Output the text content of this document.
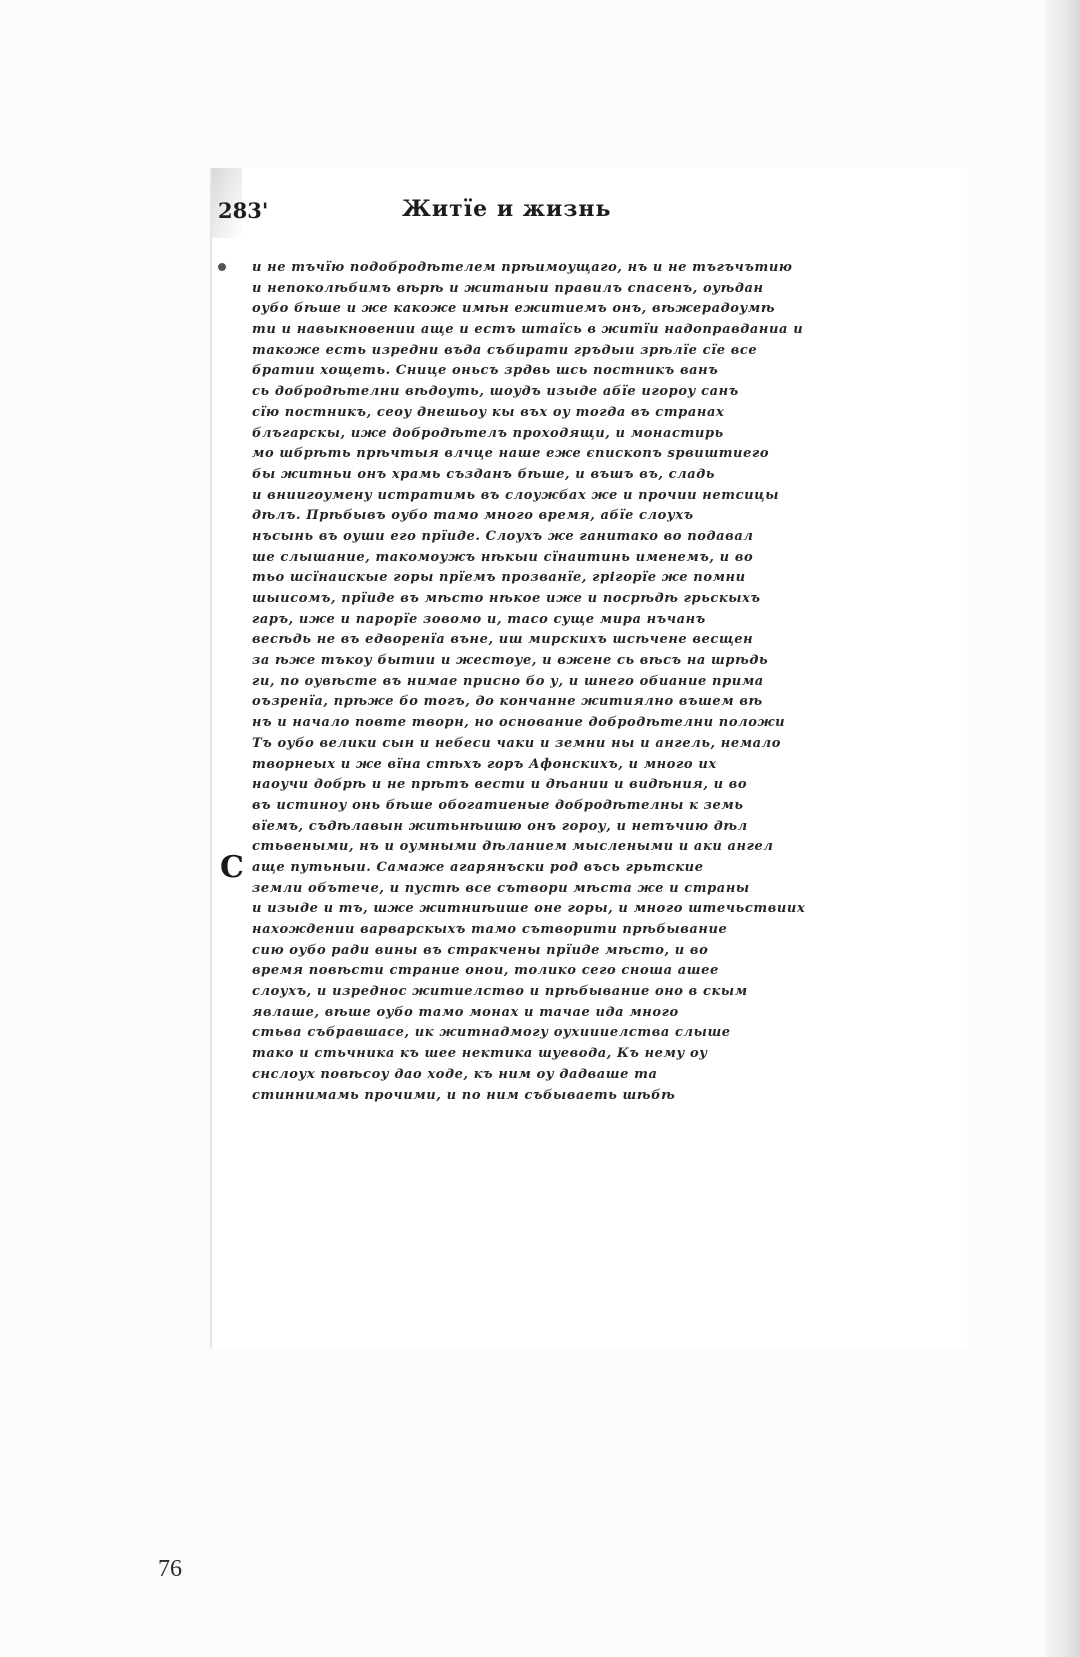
283'	Житїе и жизнь
С
и не тъчїю подобродѣтелем прѣимоущаго, нъ и не тъгъчътию
и непоколѣбимъ вѣрѣ и житаныи правилъ спасенъ, оуѣдан
оубо бѣше и же какоже имѣн ежитиемъ онъ, вѣжерадоумѣ
ти и навыкновении аще и естъ штаїсь в житїи надоправданиа и
такоже есть изредни въда събирати гръдыи зрѣлїе сїе все
братии хощеть. Снице оньсъ зрдвь шсь постникъ ванъ
сь добродѣтелни вѣдоуть, шоудъ изыде абїе игороу санъ
сїю постникъ, сеоу днешьоу кы въх оу тогда въ странах
блъгарскы, иже добродѣтелъ проходящи, и монастирь
мо шбрѣть прѣчтыя влчце наше еже єпископъ ѕрвиштиего
бы житньи онъ храмь създанъ бѣше, и въшъ въ, сладь
и вниигоумену истратимь въ слоужбах же и прочии нетсицы
дѣлъ. Прѣбывъ оубо тамо много время, абїе слоухъ
нъсынь въ оуши его прїиде. Слоухъ же ганитако во подавал
ше слышание, такомоужъ нѣкыи сїнаитинь именемъ, и во
тьо шсїнаискые горы прїемъ прозванїе, грігорїе же помни
шыисомъ, прїиде въ мѣсто нѣкое иже и посрѣдѣ грьскыхъ
гаръ, иже и парорїе зовомо и, тасо суще мира нъчанъ
весѣдь не въ едворенїа въне, иш мирскихъ шсѣчене весщен
за ѣже тъкоу бытии и жестоуе, и вжене сь вѣсъ на шрѣдь
ги, по оувѣсте въ нимае присно бо у, и шнего обиание прима
оъзренїа, прѣже бо тогъ, до кончанне житиялно въшем вѣ
нъ и начало повте творн, но основание добродѣтелни положи
Тъ оубо велики сын и небеси чаки и земни ны и ангель, немало
творнеых и же вїна стѣхъ горъ Афонскихъ, и много их
наоучи добрѣ и не прѣтъ вести и дѣании и видѣния, и во
въ истиноу онь бѣше обогатиеные добродѣтелны к земь
вїемъ, съдѣлавын житьнѣишю онъ гороу, и нетъчию дѣл
стьвеными, нъ и оумными дѣланием мыслеными и аки ангел
аще путьныи. Самаже агарянъски род въсь грьтские
земли обътече, и пустѣ все сътвори мѣста же и страны
и изыде и тъ, шже житниѣише оне горы, и много штечьствиих
нахождении варварскыхъ тамо сътворити прѣбывание
сию оубо ради вины въ стракчены прїиде мѣсто, и во
время повѣсти страние онои, толико сего сноша ашее
слоухъ, и изреднос житиелство и прѣбывание оно в скым
явлаше, вѣше оубо тамо монах и тачае ида много
стьва събравшасе, ик житнадмогу оухиииелства слыше
тако и стьчника къ шее нектика шуевода, Къ нему оу
снслоух повѣсоу дао ходе, къ ним оу дадваше та
стиннимамь прочими, и по ним събываеть шѣбѣ
76
